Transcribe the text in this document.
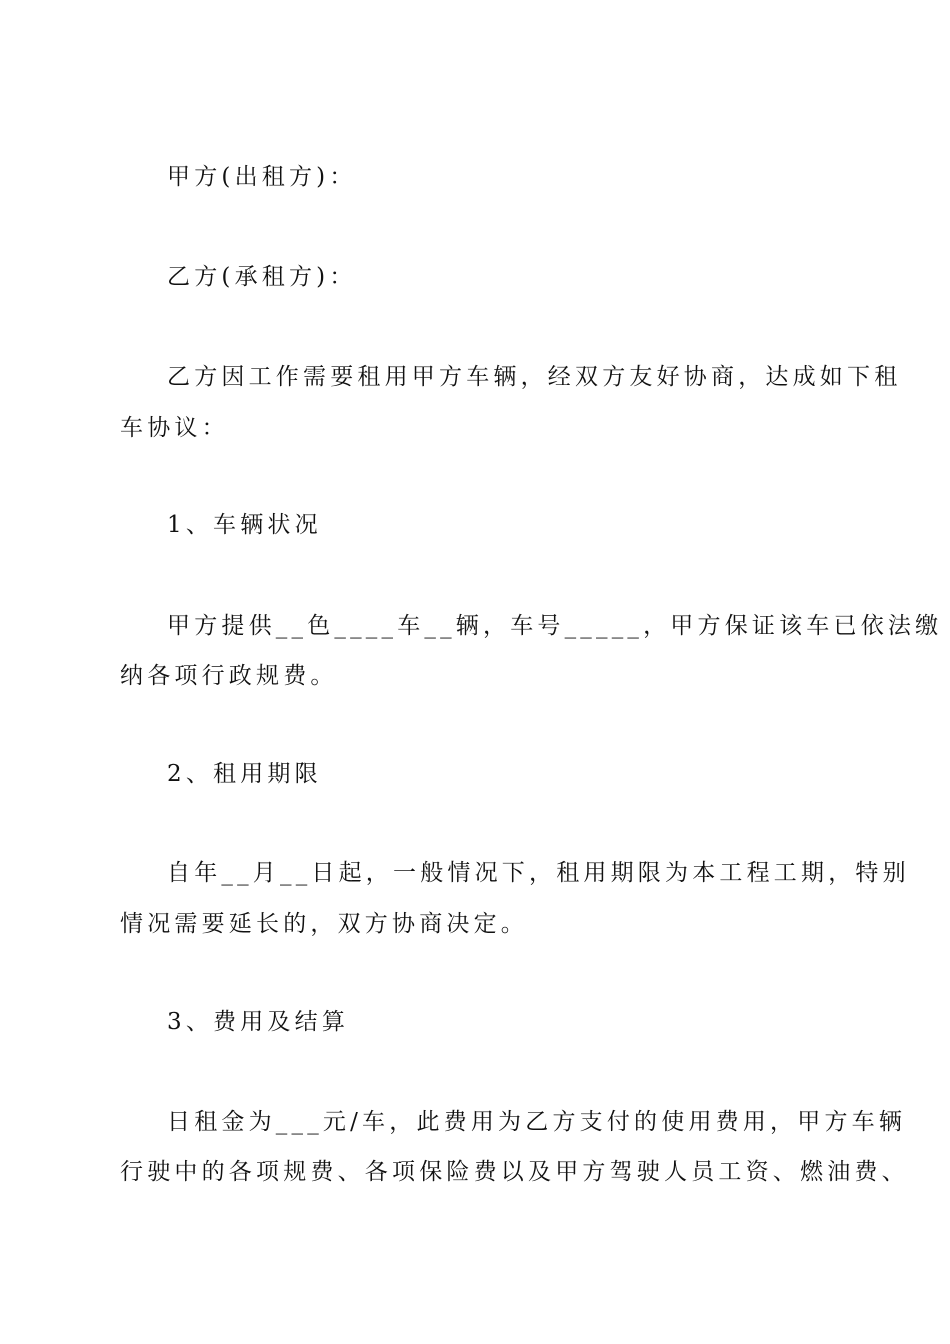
甲方(出租方)：
乙方(承租方)：
乙方因工作需要租用甲方车辆，经双方友好协商，达成如下租
车协议：
1、车辆状况
甲方提供__色____车__辆，车号_____，甲方保证该车已依法缴
纳各项行政规费。
2、租用期限
自年__月__日起，一般情况下，租用期限为本工程工期，特别
情况需要延长的，双方协商决定。
3、费用及结算
日租金为___元/车，此费用为乙方支付的使用费用，甲方车辆
行驶中的各项规费、各项保险费以及甲方驾驶人员工资、燃油费、
